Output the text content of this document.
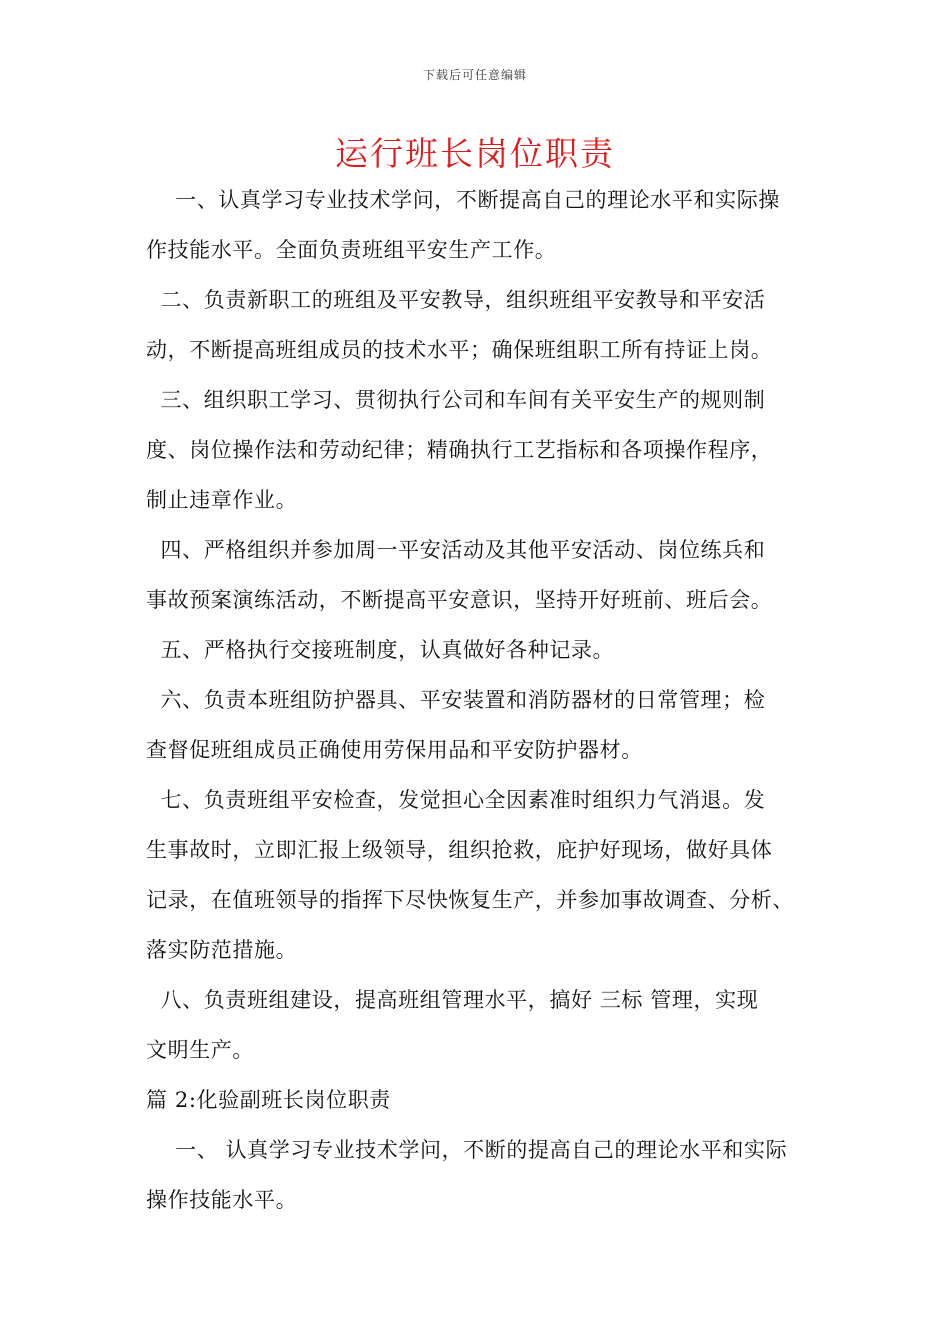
下载后可任意编辑
运行班长岗位职责
一、认真学习专业技术学问，不断提高自己的理论水平和实际操
作技能水平。全面负责班组平安生产工作。
二、负责新职工的班组及平安教导，组织班组平安教导和平安活
动，不断提高班组成员的技术水平；确保班组职工所有持证上岗。
三、组织职工学习、贯彻执行公司和车间有关平安生产的规则制
度、岗位操作法和劳动纪律；精确执行工艺指标和各项操作程序，
制止违章作业。
四、严格组织并参加周一平安活动及其他平安活动、岗位练兵和
事故预案演练活动，不断提高平安意识，坚持开好班前、班后会。
五、严格执行交接班制度，认真做好各种记录。
六、负责本班组防护器具、平安装置和消防器材的日常管理；检
查督促班组成员正确使用劳保用品和平安防护器材。
七、负责班组平安检查，发觉担心全因素准时组织力气消退。发
生事故时，立即汇报上级领导，组织抢救，庇护好现场，做好具体
记录，在值班领导的指挥下尽快恢复生产，并参加事故调查、分析、
落实防范措施。
八、负责班组建设，提高班组管理水平，搞好 三标 管理，实现
文明生产。
篇 2:化验副班长岗位职责
一、 认真学习专业技术学问，不断的提高自己的理论水平和实际
操作技能水平。
